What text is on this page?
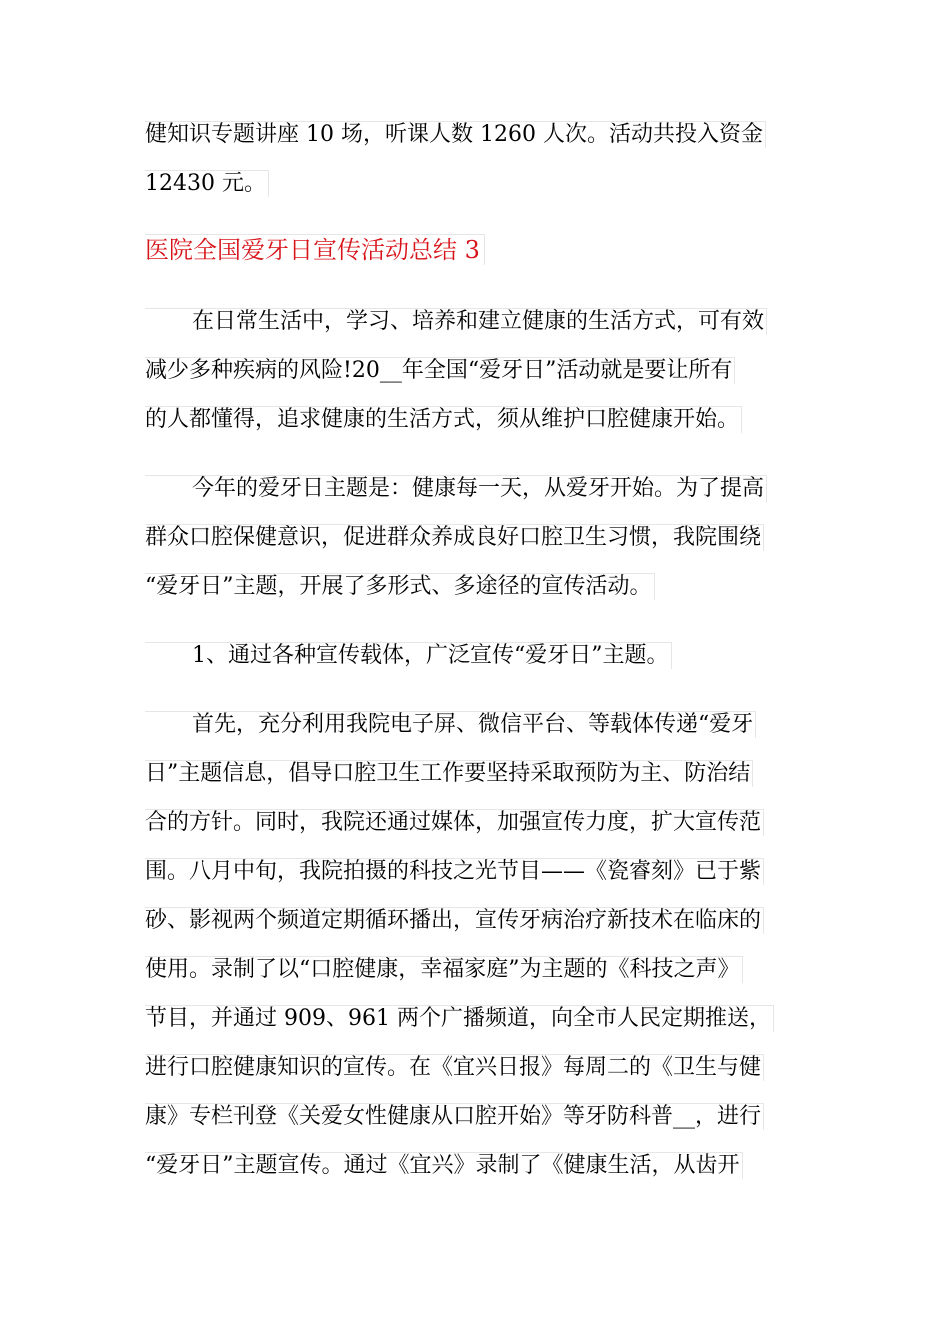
健知识专题讲座 10 场，听课人数 1260 人次。活动共投入资金
12430 元。
医院全国爱牙日宣传活动总结 3
在日常生活中，学习、培养和建立健康的生活方式，可有效
减少多种疾病的风险!20__年全国“爱牙日”活动就是要让所有
的人都懂得，追求健康的生活方式，须从维护口腔健康开始。
今年的爱牙日主题是：健康每一天，从爱牙开始。为了提高
群众口腔保健意识，促进群众养成良好口腔卫生习惯，我院围绕
“爱牙日”主题，开展了多形式、多途径的宣传活动。
1、通过各种宣传载体，广泛宣传“爱牙日”主题。
首先，充分利用我院电子屏、微信平台、等载体传递“爱牙
日”主题信息，倡导口腔卫生工作要坚持采取预防为主、防治结
合的方针。同时，我院还通过媒体，加强宣传力度，扩大宣传范
围。八月中旬，我院拍摄的科技之光节目——《瓷睿刻》已于紫
砂、影视两个频道定期循环播出，宣传牙病治疗新技术在临床的
使用。录制了以“口腔健康，幸福家庭”为主题的《科技之声》
节目，并通过 909、961 两个广播频道，向全市人民定期推送，
进行口腔健康知识的宣传。在《宜兴日报》每周二的《卫生与健
康》专栏刊登《关爱女性健康从口腔开始》等牙防科普__，进行
“爱牙日”主题宣传。通过《宜兴》录制了《健康生活，从齿开
